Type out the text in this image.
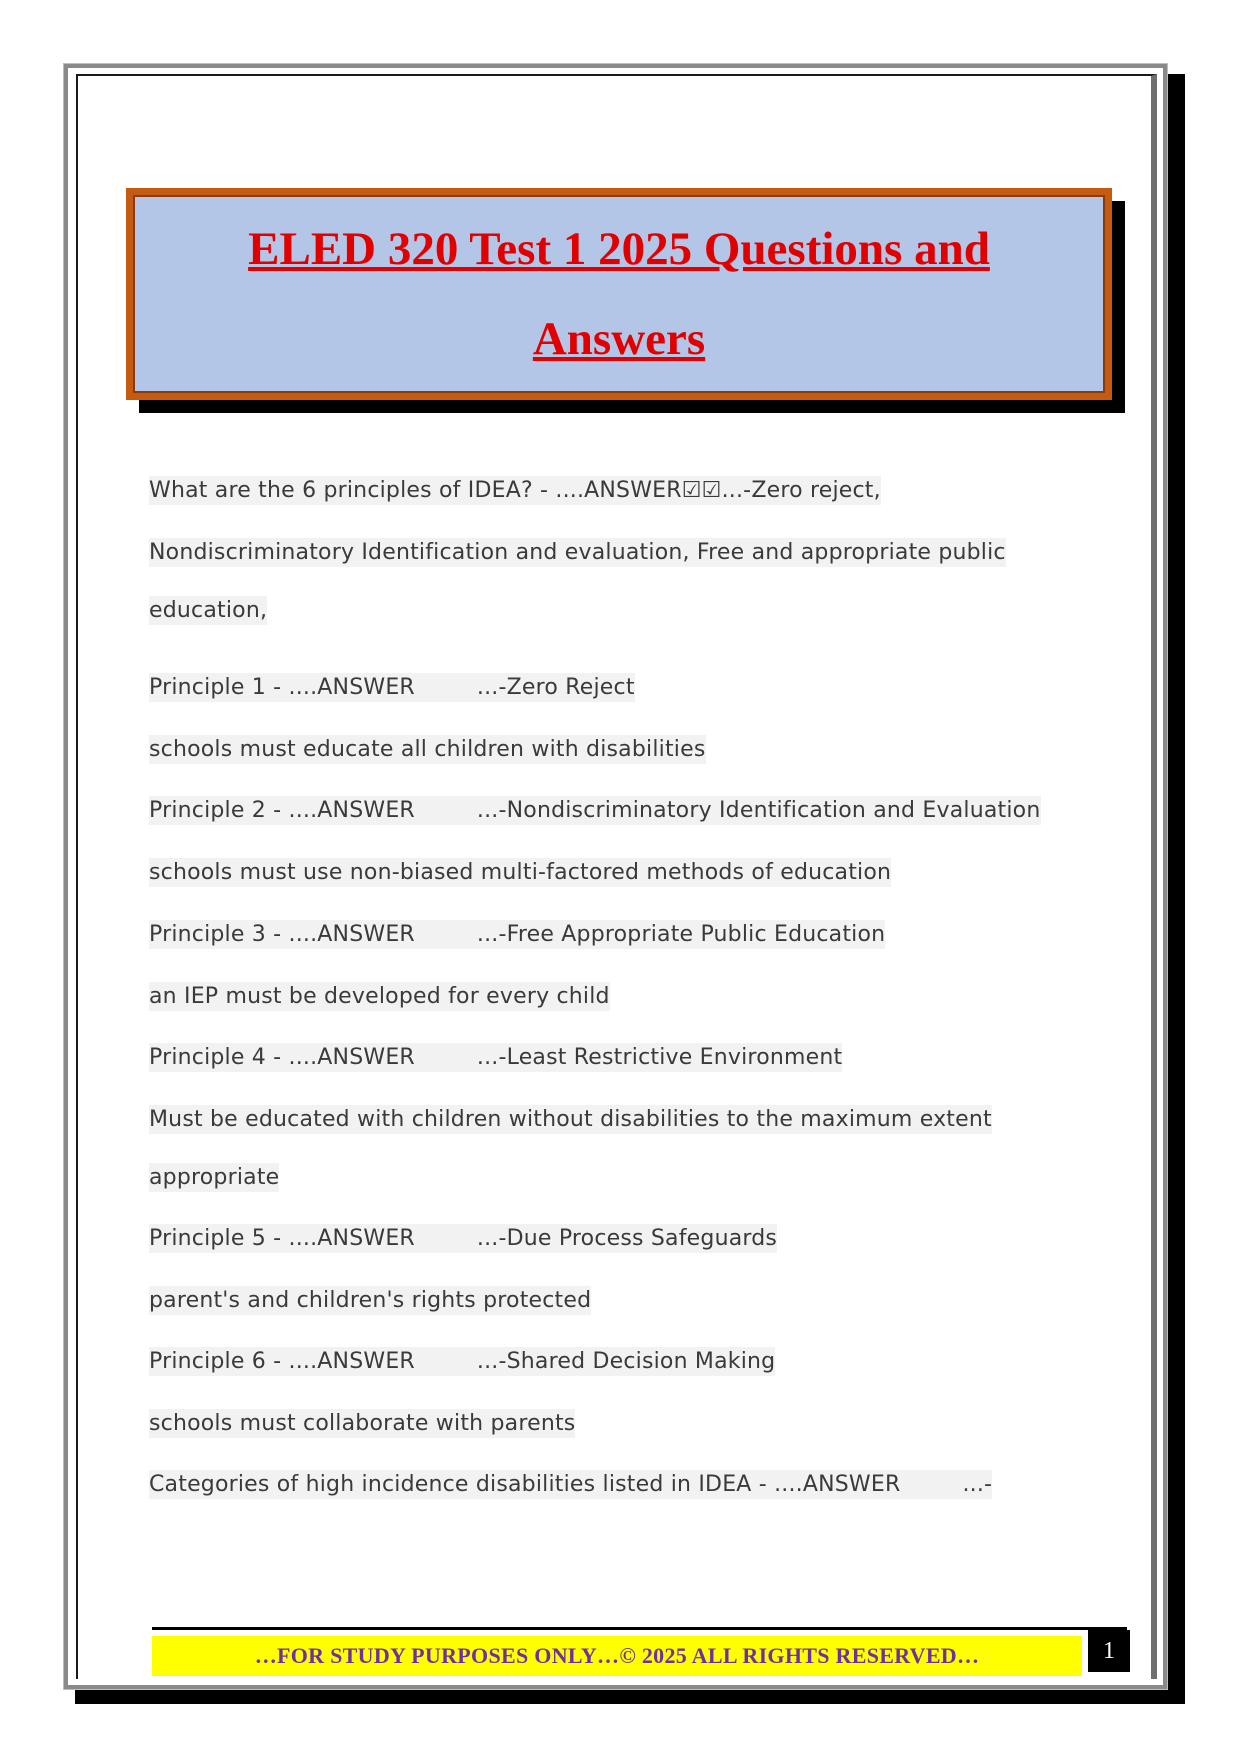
ELED 320 Test 1 2025 Questions and
Answers
What are the 6 principles of IDEA? - ....ANSWER☑☑...-Zero reject,
Nondiscriminatory Identification and evaluation, Free and appropriate public
education,
Principle 1 - ....ANSWER	...-Zero Reject
schools must educate all children with disabilities
Principle 2 - ....ANSWER	...-Nondiscriminatory Identification and Evaluation
schools must use non-biased multi-factored methods of education
Principle 3 - ....ANSWER	...-Free Appropriate Public Education
an IEP must be developed for every child
Principle 4 - ....ANSWER	...-Least Restrictive Environment
Must be educated with children without disabilities to the maximum extent
appropriate
Principle 5 - ....ANSWER	...-Due Process Safeguards
parent's and children's rights protected
Principle 6 - ....ANSWER	...-Shared Decision Making
schools must collaborate with parents
Categories of high incidence disabilities listed in IDEA - ....ANSWER	...-
…FOR STUDY PURPOSES ONLY…© 2025 ALL RIGHTS RESERVED…	1
